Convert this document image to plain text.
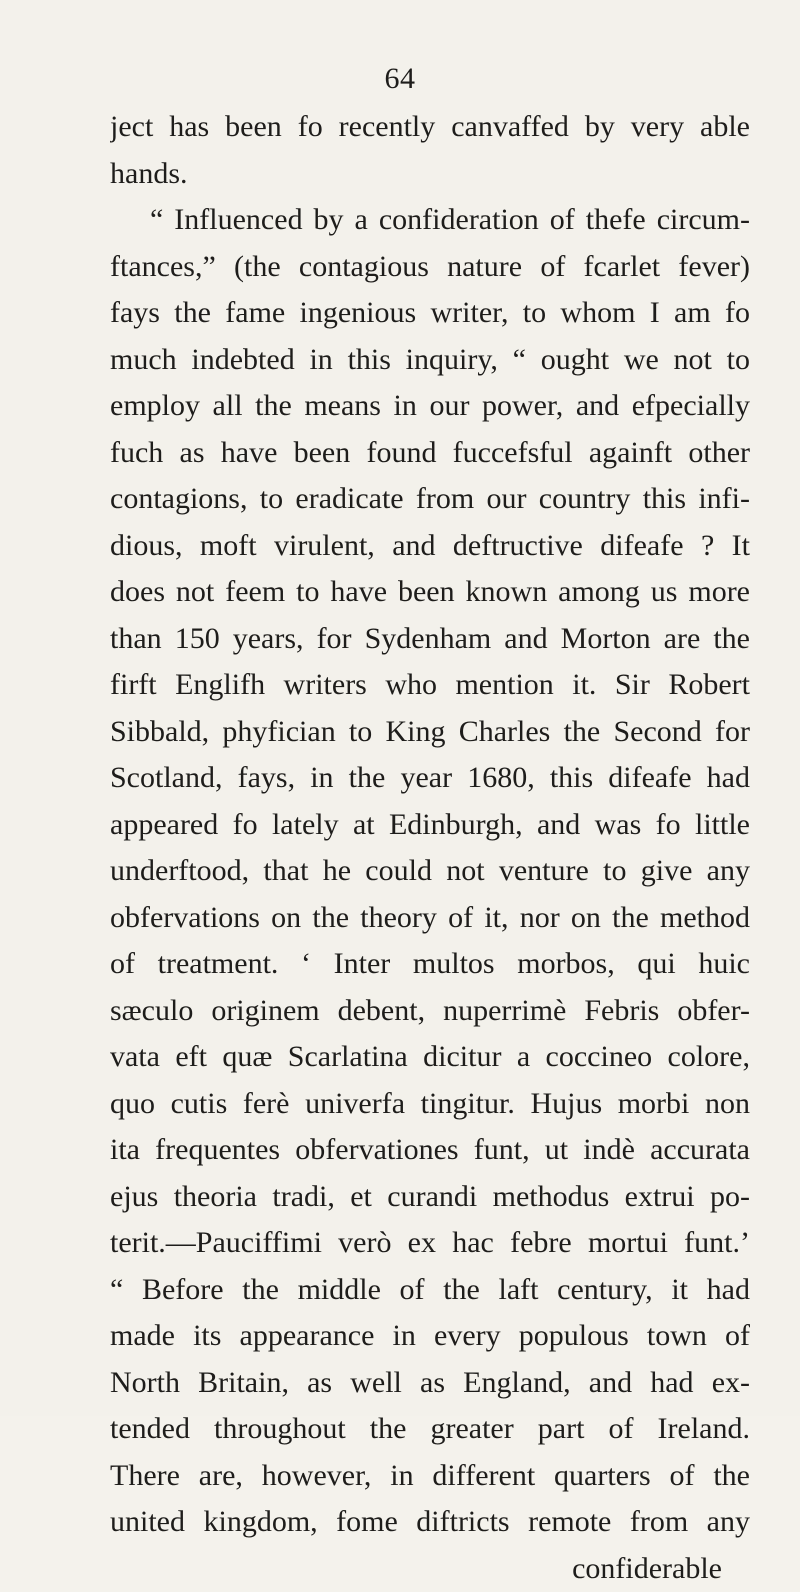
64
ject has been fo recently canvaffed by very able
hands.
“ Influenced by a confideration of thefe circum-
ftances,” (the contagious nature of fcarlet fever)
fays the fame ingenious writer, to whom I am fo
much indebted in this inquiry, “ ought we not to
employ all the means in our power, and efpecially
fuch as have been found fuccefsful againft other
contagions, to eradicate from our country this infi-
dious, moft virulent, and deftructive difeafe ? It
does not feem to have been known among us more
than 150 years, for Sydenham and Morton are the
firft Englifh writers who mention it. Sir Robert
Sibbald, phyfician to King Charles the Second for
Scotland, fays, in the year 1680, this difeafe had
appeared fo lately at Edinburgh, and was fo little
underftood, that he could not venture to give any
obfervations on the theory of it, nor on the method
of treatment. ‘ Inter multos morbos, qui huic
sæculo originem debent, nuperrimè Febris obfer-
vata eft quæ Scarlatina dicitur a coccineo colore,
quo cutis ferè univerfa tingitur. Hujus morbi non
ita frequentes obfervationes funt, ut indè accurata
ejus theoria tradi, et curandi methodus extrui po-
terit.—Pauciffimi verò ex hac febre mortui funt.’
“ Before the middle of the laft century, it had
made its appearance in every populous town of
North Britain, as well as England, and had ex-
tended throughout the greater part of Ireland.
There are, however, in different quarters of the
united kingdom, fome diftricts remote from any
confiderable
